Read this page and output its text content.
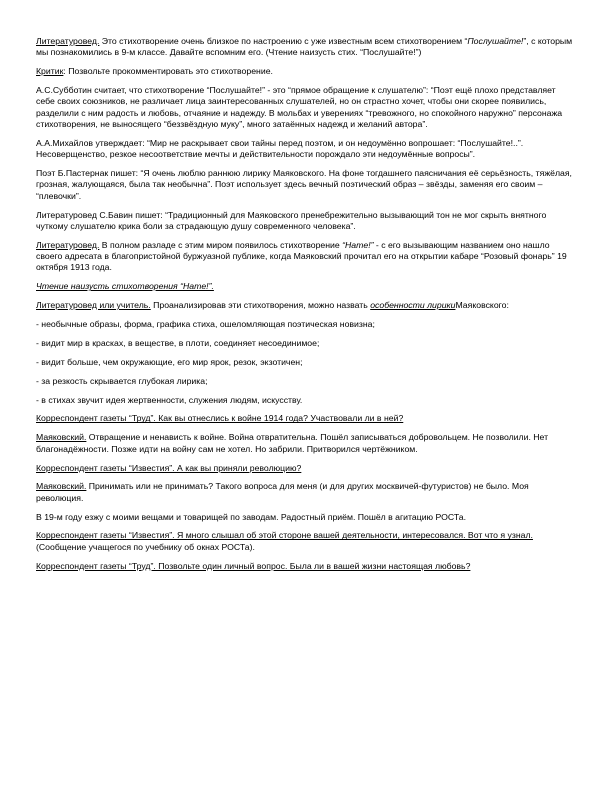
Литературовед. Это стихотворение очень близкое по настроению с уже известным всем стихотворением “Послушайте!”, с которым мы познакомились в 9-м классе. Давайте вспомним его. (Чтение наизусть стих. “Послушайте!”)

Критик: Позвольте прокомментировать это стихотворение.

А.С.Субботин считает, что стихотворение “Послушайте!” - это “прямое обращение к слушателю”: “Поэт ещё плохо представляет себе своих союзников, не различает лица заинтересованных слушателей, но он страстно хочет, чтобы они скорее появились, разделили с ним радость и любовь, отчаяние и надежду. В мольбах и уверениях “тревожного, но спокойного наружно” персонажа стихотворения, не выносящего “беззвёздную муку”, много затаённых надежд и желаний автора”.

А.А.Михайлов утверждает: “Мир не раскрывает свои тайны перед поэтом, и он недоумённо вопрошает: “Послушайте!..”. Несоверщенство, резкое несоответствие мечты и действительности порождало эти недоумённые вопросы”.

Поэт Б.Пастернак пишет: “Я очень люблю раннюю лирику Маяковского. На фоне тогдашнего паясничания её серьёзность, тяжёлая, грозная, жалующаяся, была так необычна”. Поэт использует здесь вечный поэтический образ – звёзды, заменяя его своим – “плевочки”.

Литературовед С.Бавин пишет: “Традиционный для Маяковского пренебрежительно вызывающий тон не мог скрыть внятного чуткому слушателю крика боли за страдающую душу современного человека”.

Литературовед. В полном разладе с этим миром появилось стихотворение “Нате!” - с его вызывающим названием оно нашло своего адресата в благопристойной буржуазной публике, когда Маяковский прочитал его на открытии кабаре “Розовый фонарь” 19 октября 1913 года.

Чтение наизусть стихотворения “Нате!”.

Литературовед или учитель. Проанализировав эти стихотворения, можно назвать особенности лирикиМаяковского:

- необычные образы, форма, графика стиха, ошеломляющая поэтическая новизна;

- видит мир в красках, в веществе, в плоти, соединяет несоединимое;

- видит больше, чем окружающие, его мир ярок, резок, экзотичен;

- за резкость скрывается глубокая лирика;

- в стихах звучит идея жертвенности, служения людям, искусству.

Корреспондент газеты “Труд”. Как вы отнеслись к войне 1914 года? Участвовали ли в ней?

Маяковский. Отвращение и ненависть к войне. Война отвратительна. Пошёл записываться добровольцем. Не позволили. Нет благонадёжности. Позже идти на войну сам не хотел. Но забрили. Притворился чертёжником.

Корреспондент газеты “Известия”. А как вы приняли революцию?

Маяковский. Принимать или не принимать? Такого вопроса для меня (и для других москвичей-футуристов) не было. Моя революция.

В 19-м году езжу с моими вещами и товарищей по заводам. Радостный приём. Пошёл в агитацию РОСТа.

Корреспондент газеты “Известия”. Я много слышал об этой стороне вашей деятельности, интересовался. Вот что я узнал. (Сообщение учащегося по учебнику об окнах РОСТа).

Корреспондент газеты “Труд”. Позвольте один личный вопрос. Была ли в вашей жизни настоящая любовь?
